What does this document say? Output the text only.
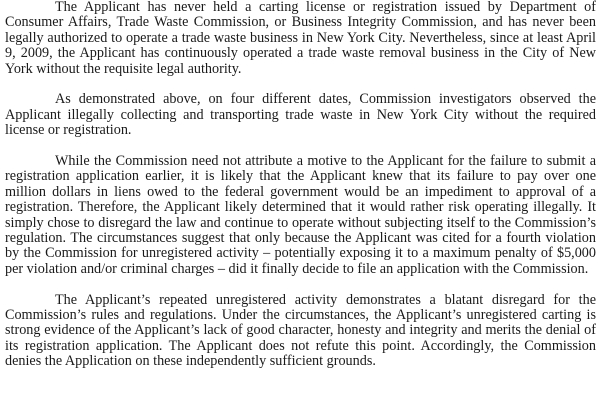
The Applicant has never held a carting license or registration issued by Department of Consumer Affairs, Trade Waste Commission, or Business Integrity Commission, and has never been legally authorized to operate a trade waste business in New York City. Nevertheless, since at least April 9, 2009, the Applicant has continuously operated a trade waste removal business in the City of New York without the requisite legal authority.

As demonstrated above, on four different dates, Commission investigators observed the Applicant illegally collecting and transporting trade waste in New York City without the required license or registration.

While the Commission need not attribute a motive to the Applicant for the failure to submit a registration application earlier, it is likely that the Applicant knew that its failure to pay over one million dollars in liens owed to the federal government would be an impediment to approval of a registration. Therefore, the Applicant likely determined that it would rather risk operating illegally. It simply chose to disregard the law and continue to operate without subjecting itself to the Commission’s regulation. The circumstances suggest that only because the Applicant was cited for a fourth violation by the Commission for unregistered activity – potentially exposing it to a maximum penalty of $5,000 per violation and/or criminal charges – did it finally decide to file an application with the Commission.

The Applicant’s repeated unregistered activity demonstrates a blatant disregard for the Commission’s rules and regulations. Under the circumstances, the Applicant’s unregistered carting is strong evidence of the Applicant’s lack of good character, honesty and integrity and merits the denial of its registration application. The Applicant does not refute this point. Accordingly, the Commission denies the Application on these independently sufficient grounds.
